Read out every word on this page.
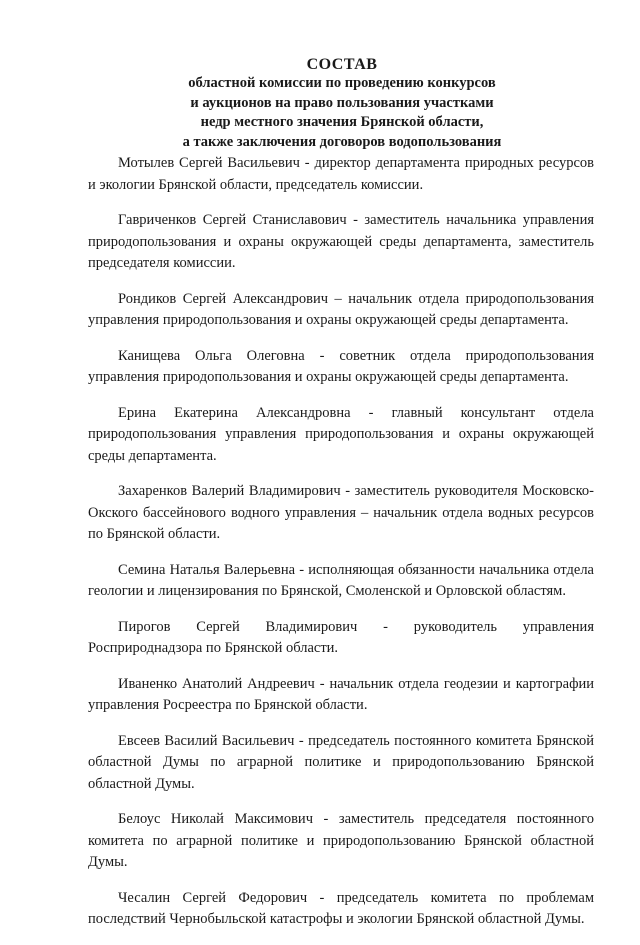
СОСТАВ
областной комиссии по проведению конкурсов
и аукционов на право пользования участками
недр местного значения Брянской области,
а также заключения договоров водопользования

Мотылев Сергей Васильевич - директор департамента природных ресурсов и экологии Брянской области, председатель комиссии.

Гавриченков Сергей Станиславович - заместитель начальника управления природопользования и охраны окружающей среды департамента, заместитель председателя комиссии.

Рондиков Сергей Александрович – начальник отдела природопользования управления природопользования и охраны окружающей среды департамента.

Канищева Ольга Олеговна - советник отдела природопользования управления природопользования и охраны окружающей среды департамента.

Ерина Екатерина Александровна - главный консультант отдела природопользования управления природопользования и охраны окружающей среды департамента.

Захаренков Валерий Владимирович - заместитель руководителя Московско-Окского бассейнового водного управления – начальник отдела водных ресурсов по Брянской области.

Семина Наталья Валерьевна - исполняющая обязанности начальника отдела геологии и лицензирования по Брянской, Смоленской и Орловской областям.

Пирогов Сергей Владимирович - руководитель управления Росприроднадзора по Брянской области.

Иваненко Анатолий Андреевич - начальник отдела геодезии и картографии управления Росреестра по Брянской области.

Евсеев Василий Васильевич - председатель постоянного комитета Брянской областной Думы по аграрной политике и природопользованию Брянской областной Думы.

Белоус Николай Максимович - заместитель председателя постоянного комитета по аграрной политике и природопользованию Брянской областной Думы.

Чесалин Сергей Федорович - председатель комитета по проблемам последствий Чернобыльской катастрофы и экологии Брянской областной Думы.
